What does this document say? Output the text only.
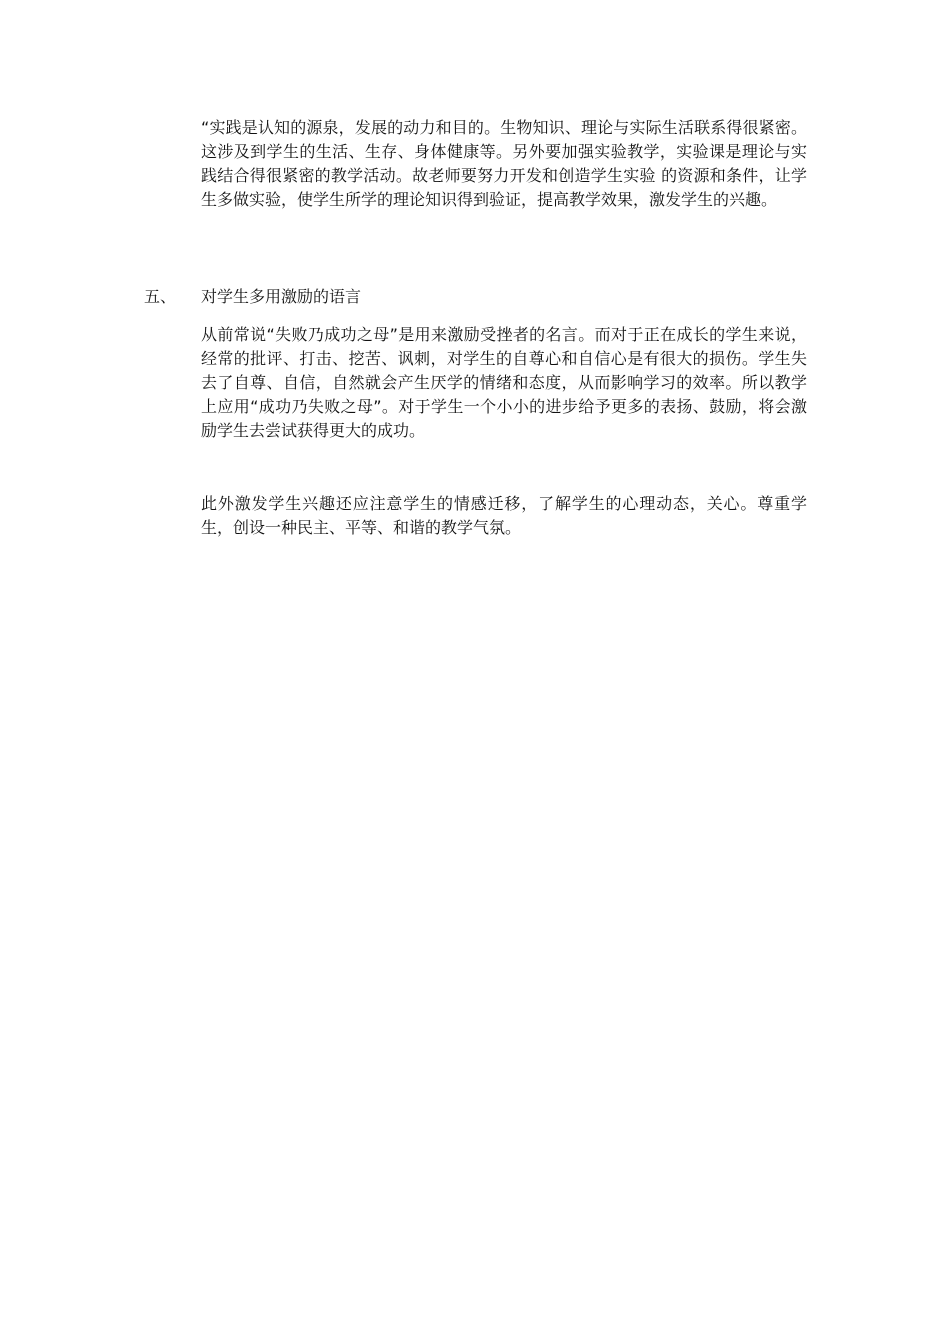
“实践是认知的源泉，发展的动力和目的。生物知识、理论与实际生活联系得很紧密。这涉及到学生的生活、生存、身体健康等。另外要加强实验教学，实验课是理论与实践结合得很紧密的教学活动。故老师要努力开发和创造学生实验 的资源和条件，让学生多做实验，使学生所学的理论知识得到验证，提高教学效果，激发学生的兴趣。

五、 对学生多用激励的语言

从前常说“失败乃成功之母”是用来激励受挫者的名言。而对于正在成长的学生来说，经常的批评、打击、挖苦、讽刺，对学生的自尊心和自信心是有很大的损伤。学生失去了自尊、自信，自然就会产生厌学的情绪和态度，从而影响学习的效率。所以教学上应用“成功乃失败之母”。对于学生一个小小的进步给予更多的表扬、鼓励，将会激励学生去尝试获得更大的成功。

此外激发学生兴趣还应注意学生的情感迁移，了解学生的心理动态，关心。尊重学生，创设一种民主、平等、和谐的教学气氛。
